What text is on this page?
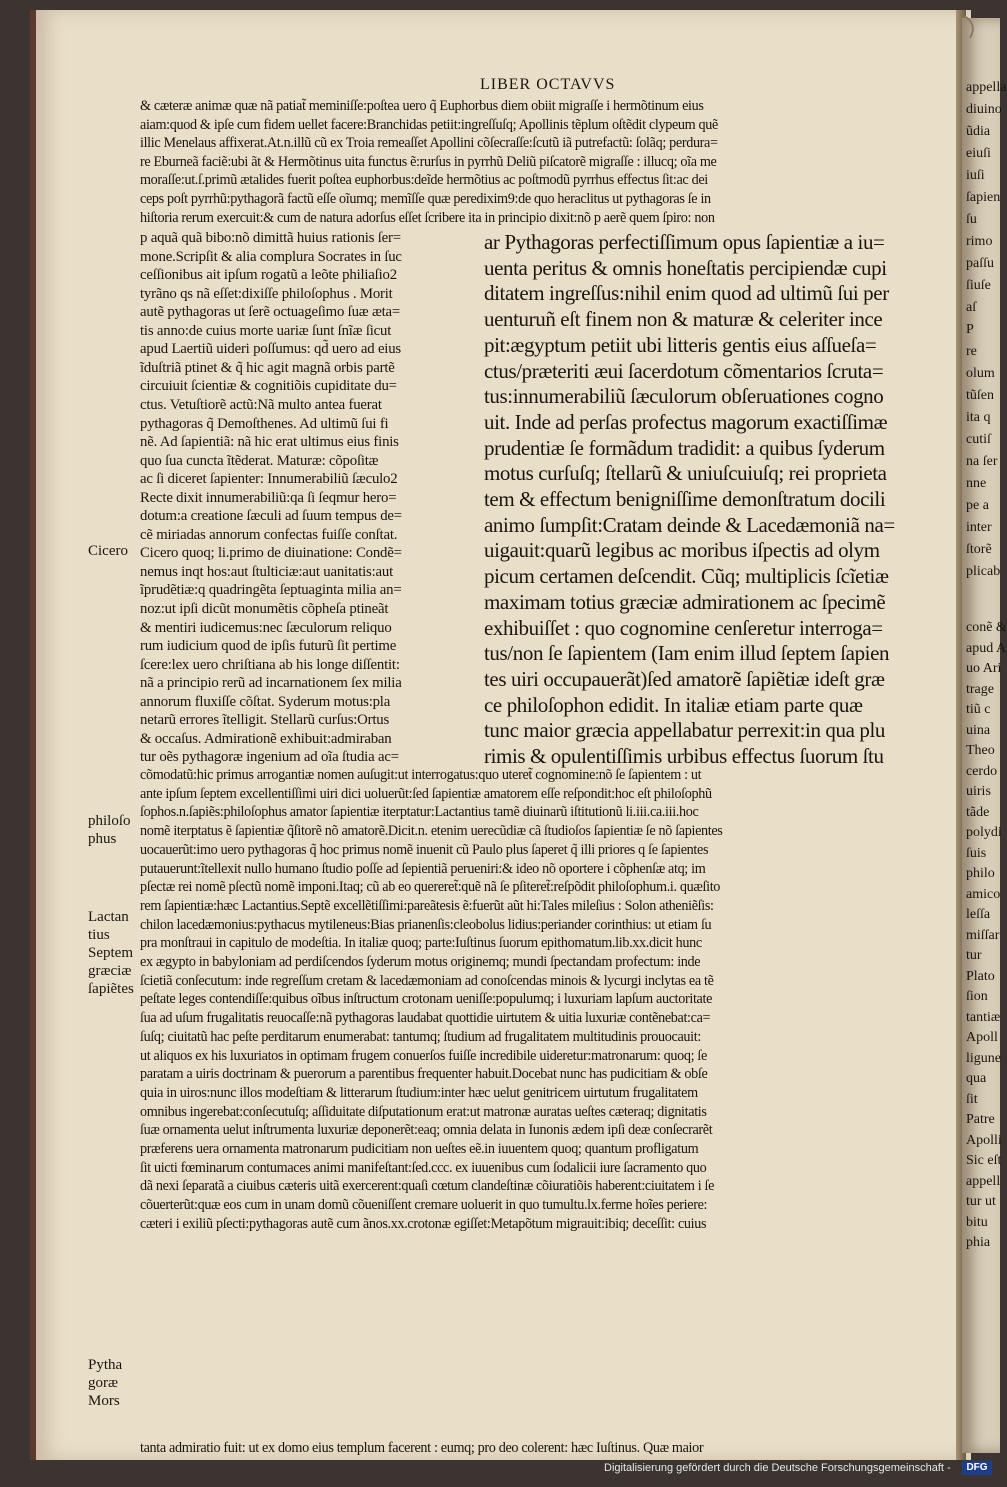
LIBER OCTAVVS
& cæteræ animæ quæ nã patiat̃ meminiſſe:poſtea uero q̃ Euphorbus diem obiit migraſſe i hermõtinum eius
aiam:quod & ipſe cum fidem uellet facere:Branchidas petiit:ingreſſuſq; Apollinis tẽplum oſtẽdit clypeum quẽ
illic Menelaus affixerat.At.n.illũ cũ ex Troia remeaſſet Apollini cõſecraſſe:ſcutũ iã putrefactũ: ſolãq; perdura=
re Eburneã faciẽ:ubi ãt & Hermõtinus uita functus ẽ:rurſus in pyrrhũ Deliũ piſcatorẽ migraſſe : illucq; oĩa me
moraſſe:ut.ſ.primũ ætalides fuerit poſtea euphorbus:deĩde hermõtius ac poſtmodũ pyrrhus effectus ſit:ac dei
ceps poſt pyrrhũ:pythagorã factũ eſſe oĩumq; memĩſſe quæ peredixim9:de quo heraclitus ut pythagoras ſe in
hiſtoria rerum exercuit:& cum de natura adorſus eſſet ſcribere ita in principio dixit:nõ p aerẽ quem ſpiro: non
p aquã quã bibo:nõ dimittã huius rationis ſer=
mone.Scripſit & alia complura Socrates in ſuc
ceſſionibus ait ipſum rogatũ a leõte philiaſio2
tyrãno qs nã eſſet:dixiſſe philoſophus . Morit
autẽ pythagoras ut ſerẽ octuageſimo ſuæ æta=
tis anno:de cuius morte uariæ ſunt ſnĩæ ſicut
apud Laertiũ uideri poſſumus: qd̃ uero ad eius
ĩduſtriã ptinet & q̃ hic agit magnã orbis partẽ
circuiuit ſcientiæ & cognitiõis cupiditate du=
ctus. Vetuſtiorẽ actũ:Nã multo antea fuerat
pythagoras q̃ Demoſthenes. Ad ultimũ ſui fi
nẽ. Ad ſapientiã: nã hic erat ultimus eius finis
quo ſua cuncta ĩtẽderat. Maturæ: cõpoſitæ
ac ſi diceret ſapienter: Innumerabiliũ ſæculo2
Recte dixit innumerabiliũ:qa ſi ſeqmur hero=
dotum:a creatione ſæculi ad ſuum tempus de=
cẽ miriadas annorum confectas fuiſſe conſtat.
Cicero quoq; li.primo de diuinatione: Condẽ=
nemus inqt hos:aut ſtulticiæ:aut uanitatis:aut
ĩprudẽtiæ:q quadringẽta ſeptuaginta milia an=
noz:ut ipſi dicũt monumẽtis cõpheſa ptineãt
& mentiri iudicemus:nec ſæculorum reliquo
rum iudicium quod de ipſis futurũ ſit pertime
ſcere:lex uero chriſtiana ab his longe diſſentit:
nã a principio rerũ ad incarnationem ſex milia
annorum fluxiſſe cõſtat. Syderum motus:pla
netarũ errores ĩtelligit. Stellarũ curſus:Ortus
& occaſus. Admirationẽ exhibuit:admiraban
tur oẽs pythagoræ ingenium ad oĩa ſtudia ac=
cõmodatũ:hic primus arrogantiæ nomen auſugit:ut interrogatus:quo uteret̃ cognomine:nõ ſe ſapientem : ut
ante ipſum ſeptem excellentiſſimi uiri dici uoluerũt:ſed ſapientiæ amatorem eſſe reſpondit:hoc eſt philoſophũ
ſophos.n.ſapiẽs:philoſophus amator ſapientiæ iterptatur:Lactantius tamẽ diuinarũ iſtitutionũ li.iii.ca.iii.hoc
nomẽ iterptatus ẽ ſapientiæ q̃ſitorẽ nõ amatorẽ.Dicit.n. etenim uerecũdiæ cã ſtudioſos ſapientiæ ſe nõ ſapientes
uocauerũt:imo uero pythagoras q̃ hoc primus nomẽ inuenit cũ Paulo plus ſaperet q̃ illi priores q ſe ſapientes
putauerunt:ĩtellexit nullo humano ſtudio poſſe ad ſepientiã perueniri:& ideo nõ oportere i cõphenſæ atq; im
pſectæ rei nomẽ pſectũ nomẽ imponi.Itaq; cũ ab eo quereret̃:quẽ nã ſe pſiteret̃:reſpõdit philoſophum.i. quæſito
rem ſapientiæ:hæc Lactantius.Septẽ excellẽtiſſimi:pareãtesis ẽ:fuerũt aũt hi:Tales mileſius : Solon atheniẽſis:
chilon lacedæmonius:pythacus mytileneus:Bias prianenſis:cleobolus lidius:periander corinthius: ut etiam ſu
pra monſtraui in capitulo de modeſtia. In italiæ quoq; parte:Iuſtinus ſuorum epithomatum.lib.xx.dicit hunc
ex ægypto in babyloniam ad perdiſcendos ſyderum motus originemq; mundi ſpectandam profectum: inde
ſcietiã conſecutum: inde regreſſum cretam & lacedæmoniam ad conoſcendas minois & lycurgi inclytas ea tẽ
peſtate leges contendiſſe:quibus oĩbus inſtructum crotonam ueniſſe:populumq; i luxuriam lapſum auctoritate
ſua ad uſum frugalitatis reuocaſſe:nã pythagoras laudabat quottidie uirtutem & uitia luxuriæ contẽnebat:ca=
ſuſq; ciuitatũ hac peſte perditarum enumerabat: tantumq; ſtudium ad frugalitatem multitudinis prouocauit:
ut aliquos ex his luxuriatos in optimam frugem conuerſos fuiſſe incredibile uideretur:matronarum: quoq; ſe
paratam a uiris doctrinam & puerorum a parentibus frequenter habuit.Docebat nunc has pudicitiam & obſe
quia in uiros:nunc illos modeſtiam & litterarum ſtudium:inter hæc uelut genitricem uirtutum frugalitatem
omnibus ingerebat:conſecutuſq; aſſiduitate diſputationum erat:ut matronæ auratas ueſtes cæteraq; dignitatis
ſuæ ornamenta uelut inſtrumenta luxuriæ deponerẽt:eaq; omnia delata in Iunonis ædem ipſi deæ conſecrarẽt
præferens uera ornamenta matronarum pudicitiam non ueſtes eẽ.in iuuentem quoq; quantum profligatum
ſit uicti fœminarum contumaces animi manifeſtant:ſed.ccc. ex iuuenibus cum ſodalicii iure ſacramento quo
dã nexi ſeparatã a ciuibus cæteris uitã exercerent:quaſi cœtum clandeſtinæ cõiuratiõis haberent:ciuitatem i ſe
cõuerterũt:quæ eos cum in unam domũ cõueniſſent cremare uoluerit in quo tumultu.lx.ferme hoĩes periere:
cæteri i exiliũ pſecti:pythagoras autẽ cum ãnos.xx.crotonæ egiſſet:Metapõtum migrauit:ibiq; deceſſit: cuius
tanta admiratio fuit: ut ex domo eius templum facerent : eumq; pro deo colerent: hæc Iuſtinus. Quæ maior
ar Pythagoras perfectiſſimum opus ſapientiæ a iu=
uenta peritus & omnis honeſtatis percipiendæ cupi
ditatem ingreſſus:nihil enim quod ad ultimũ ſui per
uenturuñ eſt finem non & maturæ & celeriter ince
pit:ægyptum petiit ubi litteris gentis eius aſſueſa=
ctus/præteriti æui ſacerdotum cõmentarios ſcruta=
tus:innumerabiliũ ſæculorum obſeruationes cogno
uit. Inde ad perſas profectus magorum exactiſſimæ
prudentiæ ſe formãdum tradidit: a quibus ſyderum
motus curſuſq; ſtellarũ & uniuſcuiuſq; rei proprieta
tem & effectum benigniſſime demonſtratum docili
animo ſumpſit:Cratam deinde & Lacedæmoniã na=
uigauit:quarũ legibus ac moribus iſpectis ad olym
picum certamen deſcendit. Cũq; multiplicis ſcĩetiæ
maximam totius græciæ admirationem ac ſpecimẽ
exhibuiſſet : quo cognomine cenſeretur interroga=
tus/non ſe ſapientem (Iam enim illud ſeptem ſapien
tes uiri occupauerãt)ſed amatorẽ ſapiẽtiæ ideſt græ
ce philoſophon edidit. In italiæ etiam parte quæ
tunc maior græcia appellabatur perrexit:in qua plu
rimis & opulentiſſimis urbibus effectus ſuorum ſtu
Cicero
philoſo
phus
Lactan
tius
Septem
græciæ
ſapiẽtes
Pytha
goræ
Mors
appella
diuino
ũdia
eiuſi
iuſi
ſapien
ſu
rimo
paſſu
ſiuſe
aſ
P
re
olum
tũſen
ita q
cutiſ
na ſer
nne
pe a
inter
ſtorẽ
plicab
conẽ &
apud A
uo Ari
trage
tiũ c
uina
Theo
cerdo
uiris
tãde
polydi
ſuis
philo
amico
leſſa
miſſar
tur
Plato
ſion
tantiæ
Apoll
ligune
qua
ſit
Patre
Apolli
Sic eſt
appell
tur ut
bitu
phia
Digitalisierung gefördert durch die Deutsche Forschungsgemeinschaft -	DFG
